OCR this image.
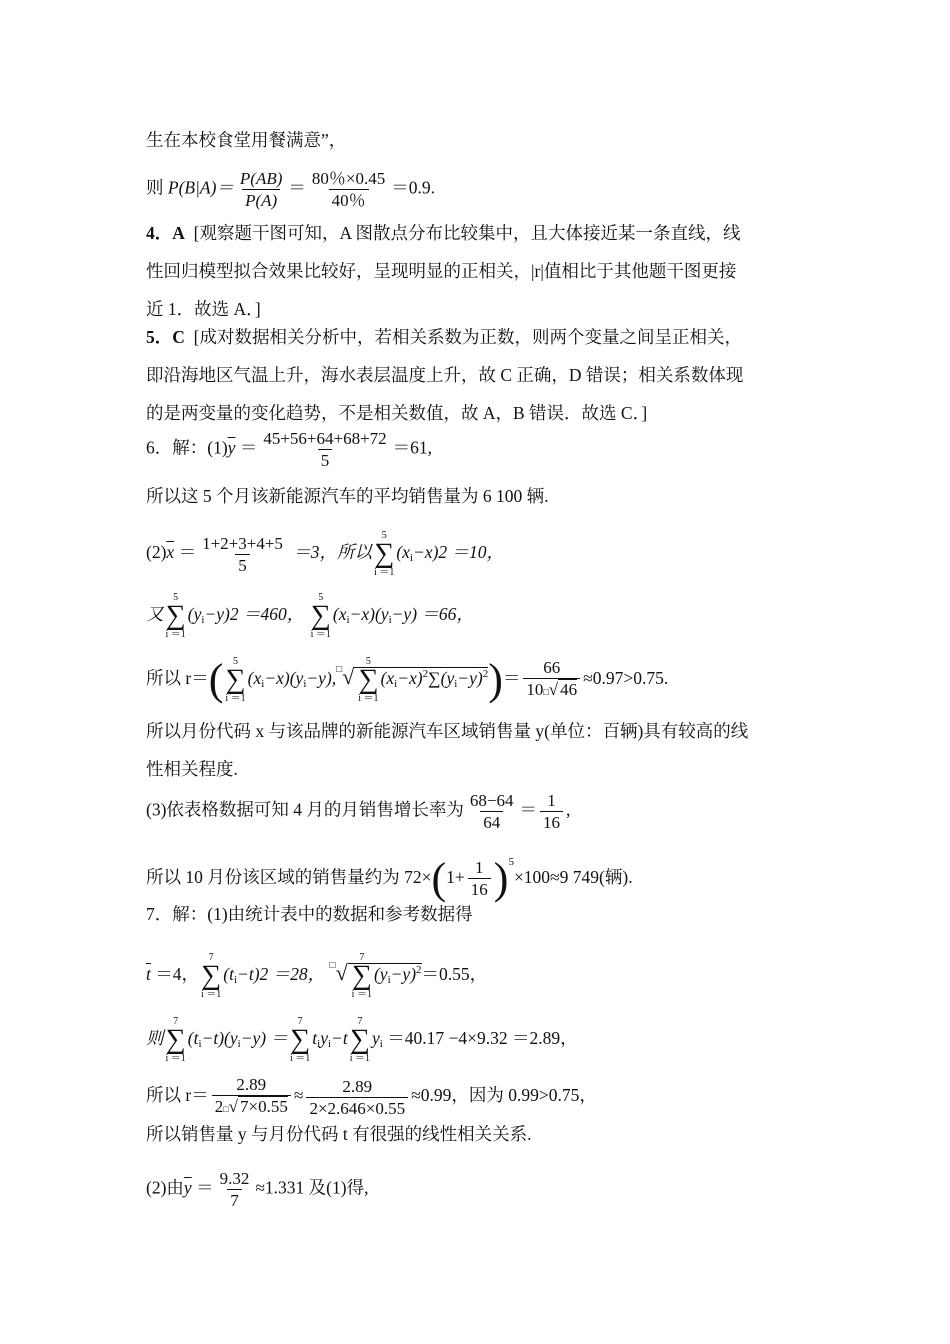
生在本校食堂用餐满意”，
则 $P(B|A)= \frac{P(AB)}{P(A)} = \frac{80\%\times 0.45}{40\%} =0.9$.
4．A [观察题干图可知，A 图散点分布比较集中，且大体接近某一条直线，线
性回归模型拟合效果比较好，呈现明显的正相关，|r|值相比于其他题干图更接
近 1．故选 A．]
5．C [成对数据相关分析中，若相关系数为正数，则两个变量之间呈正相关，
即沿海地区气温上升，海水表层温度上升，故 C 正确，D 错误；相关系数体现
的是两变量的变化趋势，不是相关数值，故 A，B 错误．故选 C．]
6．解：$(1)\overline{y} = \frac{45+56+64+68+72}{5} =61$,
所以这 5 个月该新能源汽车的平均销售量为 6 100 辆.
$(2)\overline{x} = \frac{1+2+3+4+5}{5} =3$，所以
5
∑
i ＝1
(xi−x)2 ＝10，
又
5
∑
i ＝1
(yi−y)2 ＝460，
5
∑
i ＝1
(xi−x)(yi−y) ＝66，
所以 r＝( 5
∑
i ＝1
(xi−x)(yi−y),□√
5
∑
i ＝1
$(xi-x)^2\sum(yi-y)^2)= \frac{66}{10□√ 46} \approx 0.97>0.75$.
所以月份代码 x 与该品牌的新能源汽车区域销售量 y(单位：百辆)具有较高的线
性相关程度.
(3)依表格数据可知 4 月的月销售增长率为 $\frac{68-64}{64} = \frac{1}{16}$ ,
所以 10 月份该区域的销售量约为 $72\times(1+ \frac{1}{16} )^5\times 100\approx 9$ 749(辆).
7．解：(1)由统计表中的数据和参考数据得
$\overline{t} =4$，
7
∑
i ＝1
(ti−t)2 ＝28， □√
7
∑
i ＝1
$(yi-y)^2=0.55$，
则
7
∑
i ＝1
(ti−t)(yi−y) ＝
7
∑
i ＝1
tiyi−t
7
∑
i ＝1
yi ＝40.17 −4×9.32 ＝2.89，
所以 $r= \frac{2.89}{2□√ 7\times 0.55} \approx \frac{2.89}{2\times 2.646\times 0.55} \approx 0.99$，因为 0.99>0.75，
所以销售量 y 与月份代码 t 有很强的线性相关关系.
(2)由$\overline{y} = \frac{9.32}{7} \approx 1.331$ 及(1)得,
